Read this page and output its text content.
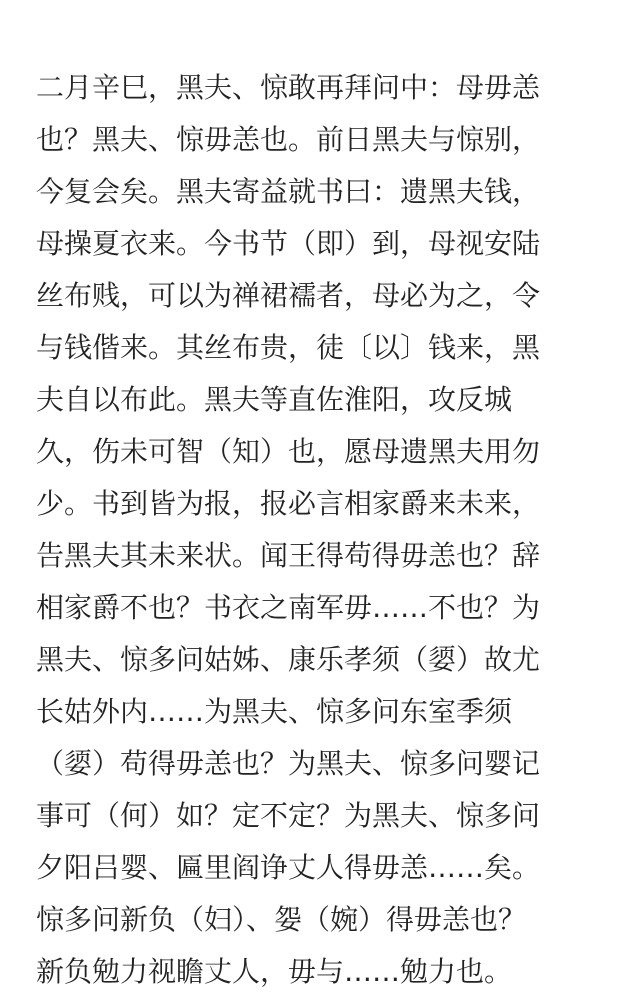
二月辛巳，黑夫、惊敢再拜问中：母毋恙
也？黑夫、惊毋恙也。前日黑夫与惊别，
今复会矣。黑夫寄益就书曰：遗黑夫钱，
母操夏衣来。今书节（即）到，母视安陆
丝布贱，可以为禅裙襦者，母必为之，令
与钱偕来。其丝布贵，徒〔以〕钱来，黑
夫自以布此。黑夫等直佐淮阳，攻反城
久，伤未可智（知）也，愿母遗黑夫用勿
少。书到皆为报，报必言相家爵来未来，
告黑夫其未来状。闻王得苟得毋恙也？辞
相家爵不也？书衣之南军毋……不也？为
黑夫、惊多问姑姊、康乐孝须（媭）故尤
长姑外内……为黑夫、惊多问东室季须
（媭）苟得毋恙也？为黑夫、惊多问婴记
事可（何）如？定不定？为黑夫、惊多问
夕阳吕婴、匾里阎诤丈人得毋恙……矣。
惊多问新负（妇）、妴（婉）得毋恙也？
新负勉力视瞻丈人，毋与……勉力也。
